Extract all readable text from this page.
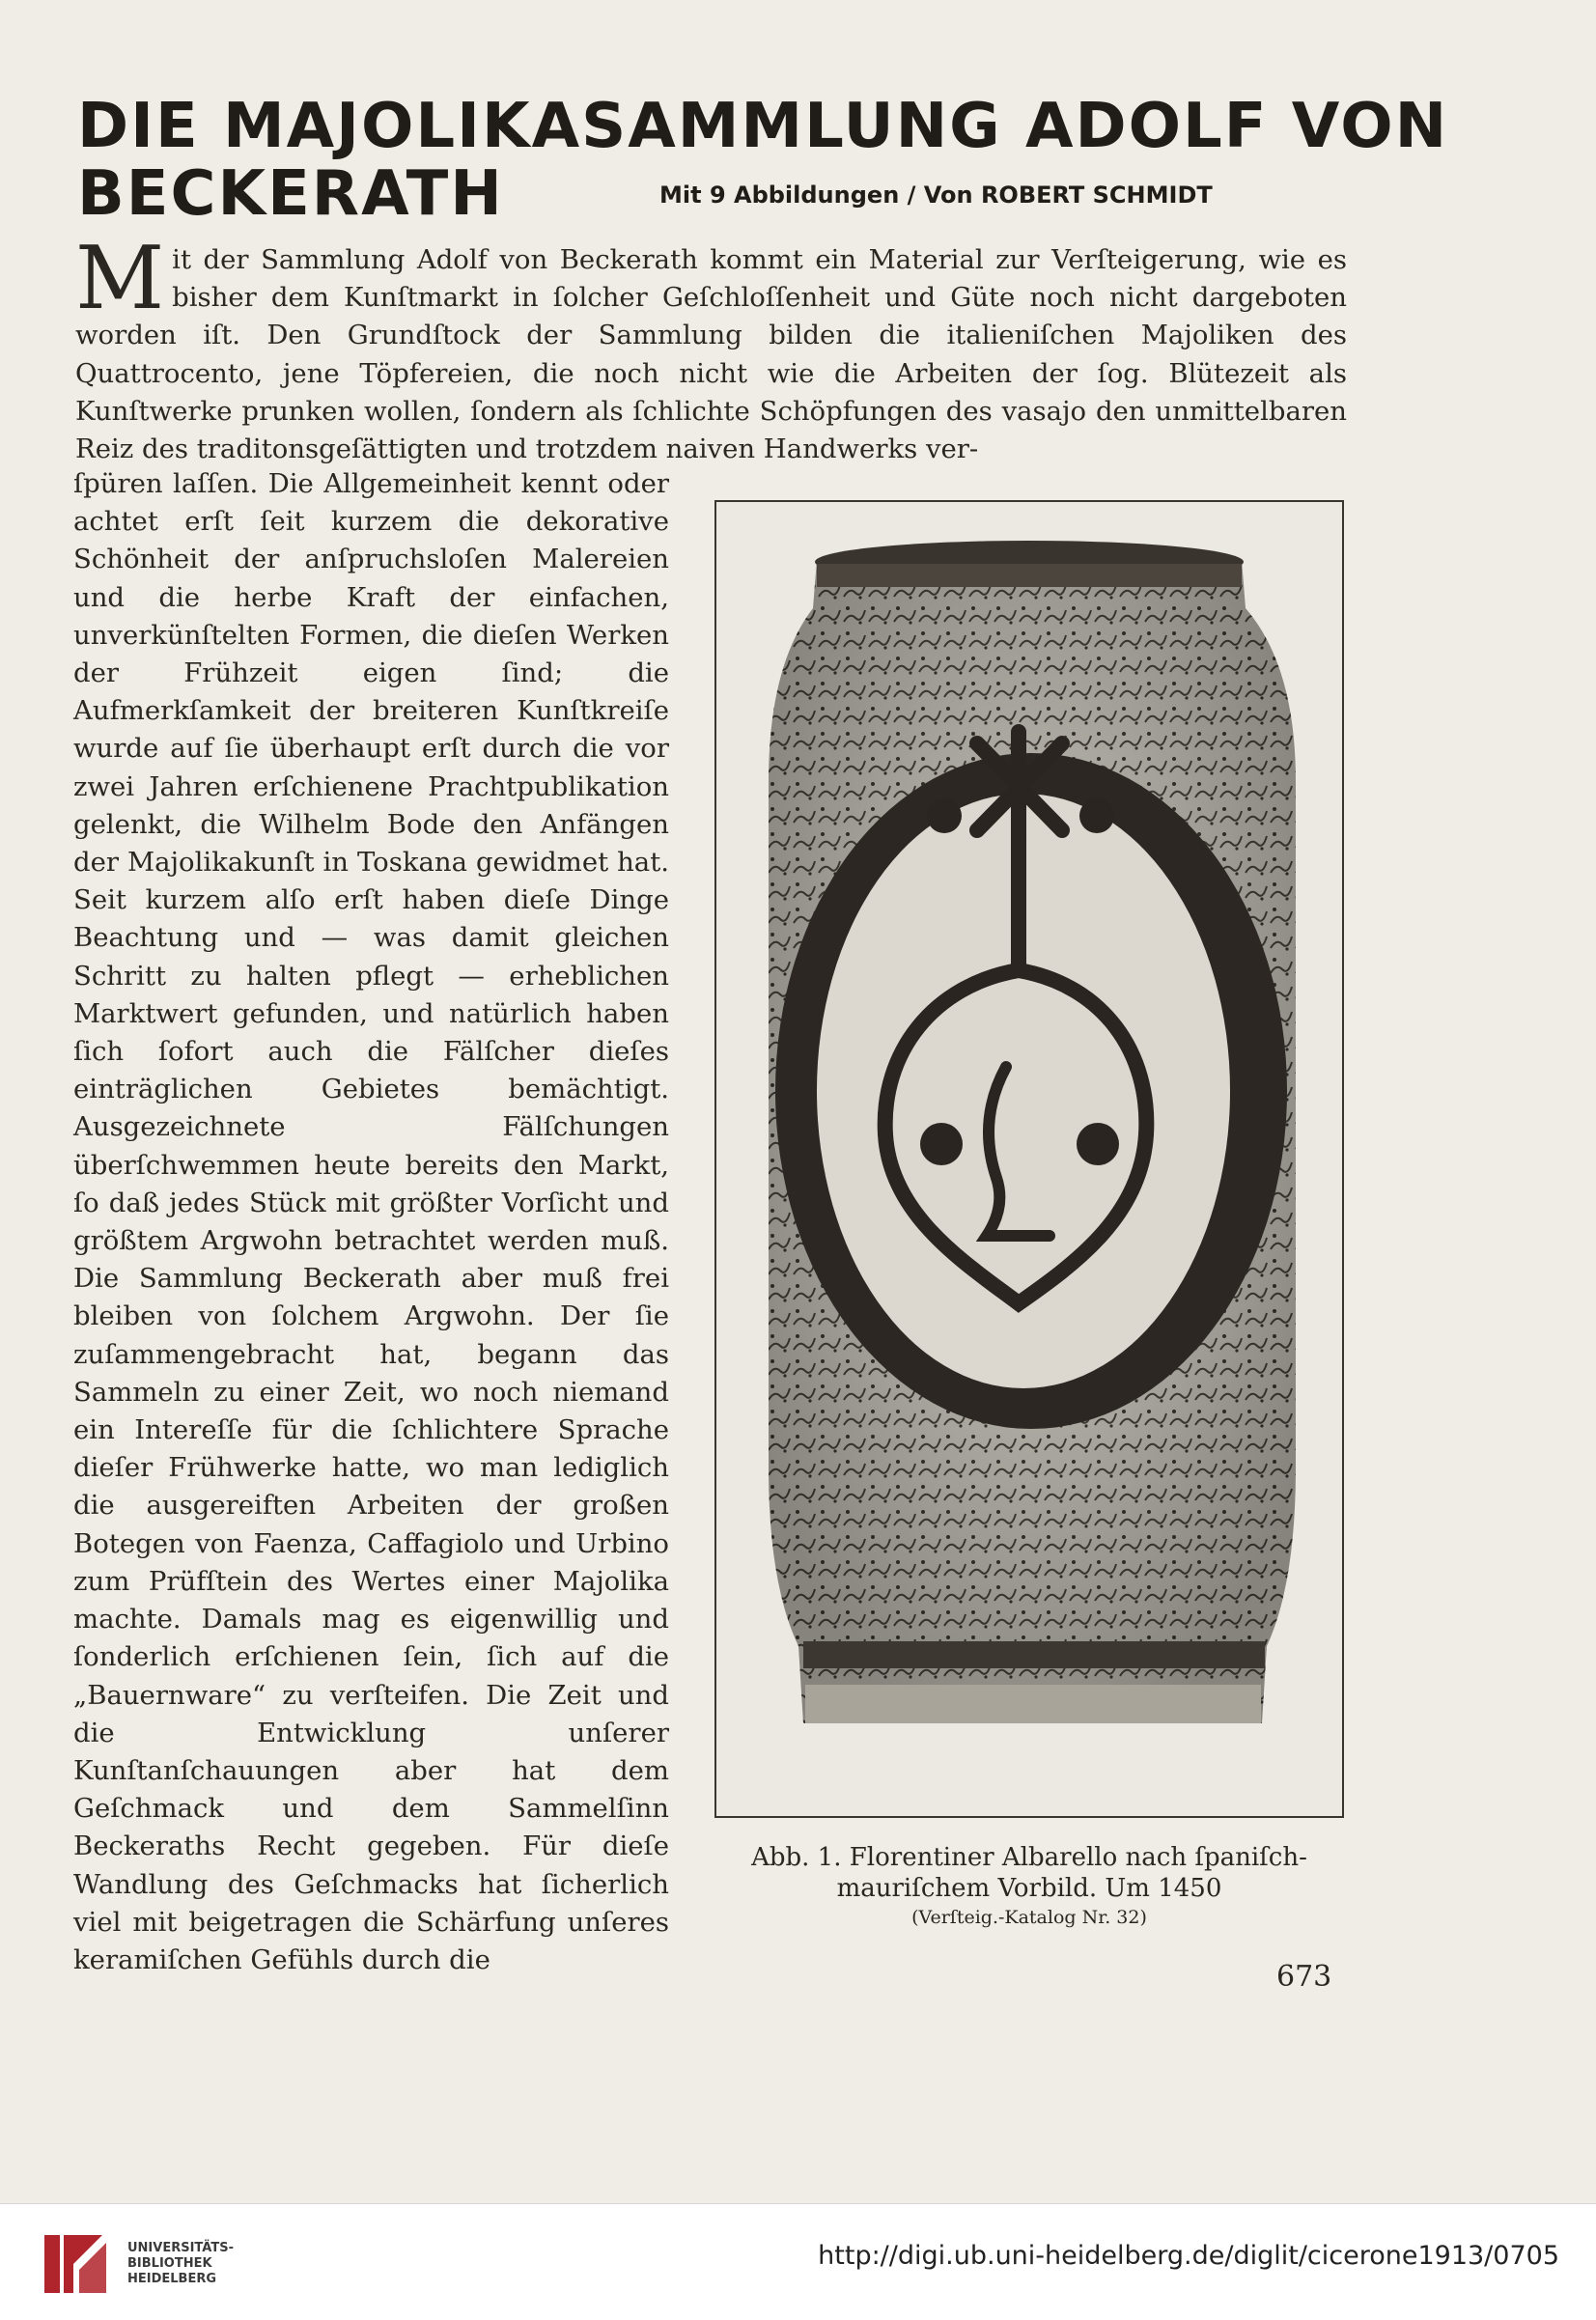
DIE MAJOLIKASAMMLUNG ADOLF VON
BECKERATH	Mit 9 Abbildungen / Von ROBERT SCHMIDT

Mit der Sammlung Adolf von Beckerath kommt ein Material zur Verſteigerung, wie es bisher dem Kunſtmarkt in ſolcher Geſchloſſenheit und Güte noch nicht dargeboten worden iſt. Den Grundſtock der Sammlung bilden die italieniſchen Majoliken des Quattrocento, jene Töpfereien, die noch nicht wie die Arbeiten der ſog. Blütezeit als Kunſtwerke prunken wollen, ſondern als ſchlichte Schöpfungen des vasajo den unmittelbaren Reiz des traditonsgeſättigten und trotzdem naiven Handwerks ver-

ſpüren laſſen. Die Allgemeinheit kennt oder achtet erſt ſeit kurzem die dekorative Schönheit der anſpruchsloſen Malereien und die herbe Kraft der einfachen, unverkünſtelten Formen, die dieſen Werken der Frühzeit eigen ſind; die Aufmerkſamkeit der breiteren Kunſtkreiſe wurde auf ſie überhaupt erſt durch die vor zwei Jahren erſchienene Prachtpublikation gelenkt, die Wilhelm Bode den Anfängen der Majolikakunſt in Toskana gewidmet hat. Seit kurzem alſo erſt haben dieſe Dinge Beachtung und — was damit gleichen Schritt zu halten pflegt — erheblichen Marktwert gefunden, und natürlich haben ſich ſofort auch die Fälſcher dieſes einträglichen Gebietes bemächtigt. Ausgezeichnete Fälſchungen überſchwemmen heute bereits den Markt, ſo daß jedes Stück mit größter Vorſicht und größtem Argwohn betrachtet werden muß. Die Sammlung Beckerath aber muß frei bleiben von ſolchem Argwohn. Der ſie zuſammengebracht hat, begann das Sammeln zu einer Zeit, wo noch niemand ein Intereſſe für die ſchlichtere Sprache dieſer Frühwerke hatte, wo man lediglich die ausgereiften Arbeiten der großen Botegen von Faenza, Caffagiolo und Urbino zum Prüfſtein des Wertes einer Majolika machte. Damals mag es eigenwillig und ſonderlich erſchienen ſein, ſich auf die „Bauernware“ zu verſteifen. Die Zeit und die Entwicklung unſerer Kunſtanſchauungen aber hat dem Geſchmack und dem Sammelſinn Beckeraths Recht gegeben. Für dieſe Wandlung des Geſchmacks hat ſicherlich viel mit beigetragen die Schärfung unſeres keramiſchen Gefühls durch die

Abb. 1. Florentiner Albarello nach ſpaniſch-
mauriſchem Vorbild. Um 1450
(Verſteig.-Katalog Nr. 32)
673
UNIVERSITÄTS-
BIBLIOTHEK
HEIDELBERG
http://digi.ub.uni-heidelberg.de/diglit/cicerone1913/0705
